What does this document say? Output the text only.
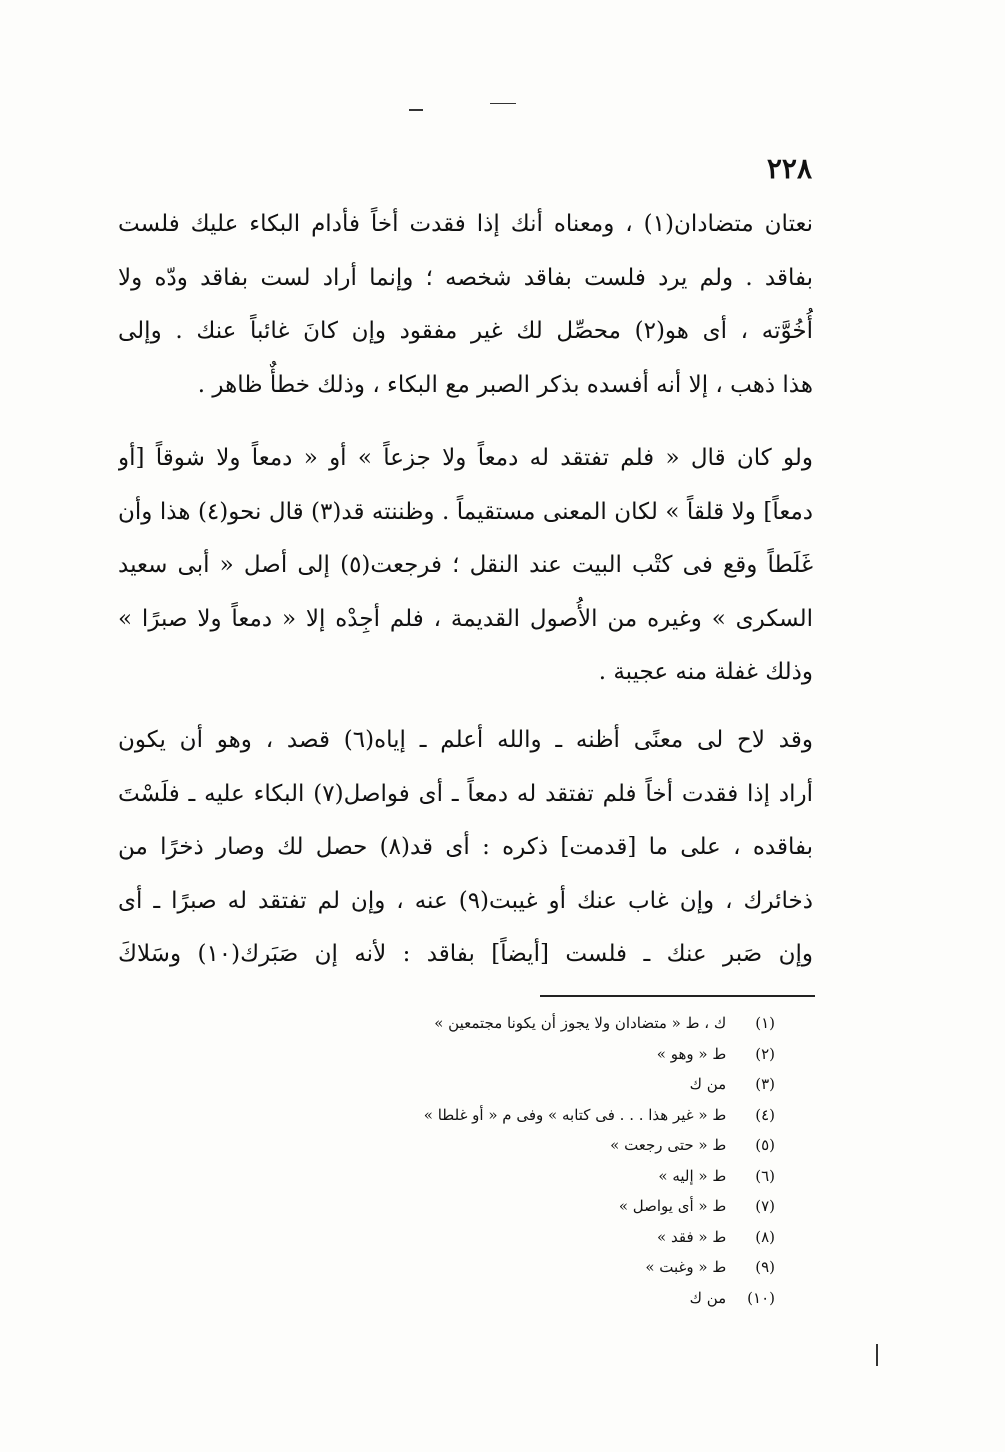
٢٢٨

نعتان متضادان(١) ، ومعناه أنك إذا فقدت أخاً فأدام البكاء عليك فلست
بفاقد . ولم يرد فلست بفاقد شخصه ؛ وإنما أراد لست بفاقد ودّه ولا
أُخُوَّته ، أى هو(٢) محصِّل لك غير مفقود وإن كانَ غائباً عنك . وإلى
هذا ذهب ، إلا أنه أفسده بذكر الصبر مع البكاء ، وذلك خطأٌ ظاهر .

ولو كان قال « فلم تفتقد له دمعاً ولا جزعاً » أو « دمعاً ولا شوقاً [أو
دمعاً] ولا قلقاً » لكان المعنى مستقيماً . وظننته قد(٣) قال نحو(٤) هذا وأن
غَلَطاً وقع فى كتْب البيت عند النقل ؛ فرجعت(٥) إلى أصل « أبى سعيد
السكرى » وغيره من الأُصول القديمة ، فلم أجِدْه إلا « دمعاً ولا صبرًا »
وذلك غفلة منه عجيبة .

وقد لاح لى معنًى أظنه ـ والله أعلم ـ إياه(٦) قصد ، وهو أن يكون
أراد إذا فقدت أخاً فلم تفتقد له دمعاً ـ أى فواصل(٧) البكاء عليه ـ فلَسْتَ
بفاقده ، على ما [قدمت] ذكره : أى قد(٨) حصل لك وصار ذخرًا من
ذخائرك ، وإن غاب عنك أو غيبت(٩) عنه ، وإن لم تفتقد له صبرًا ـ أى
وإن صَبر عنك ـ فلست [أيضاً] بفاقد : لأنه إن صَبَرك(١٠) وسَلاكَ

(١) ك ، ط « متضادان ولا يجوز أن يكونا مجتمعين »
(٢) ط « وهو »
(٣) من ك
(٤) ط « غير هذا . . . فى كتابه » وفى م « أو غلطا »
(٥) ط « حتى رجعت »
(٦) ط « إليه »
(٧) ط « أى يواصل »
(٨) ط « فقد »
(٩) ط « وغبت »
(١٠) من ك
